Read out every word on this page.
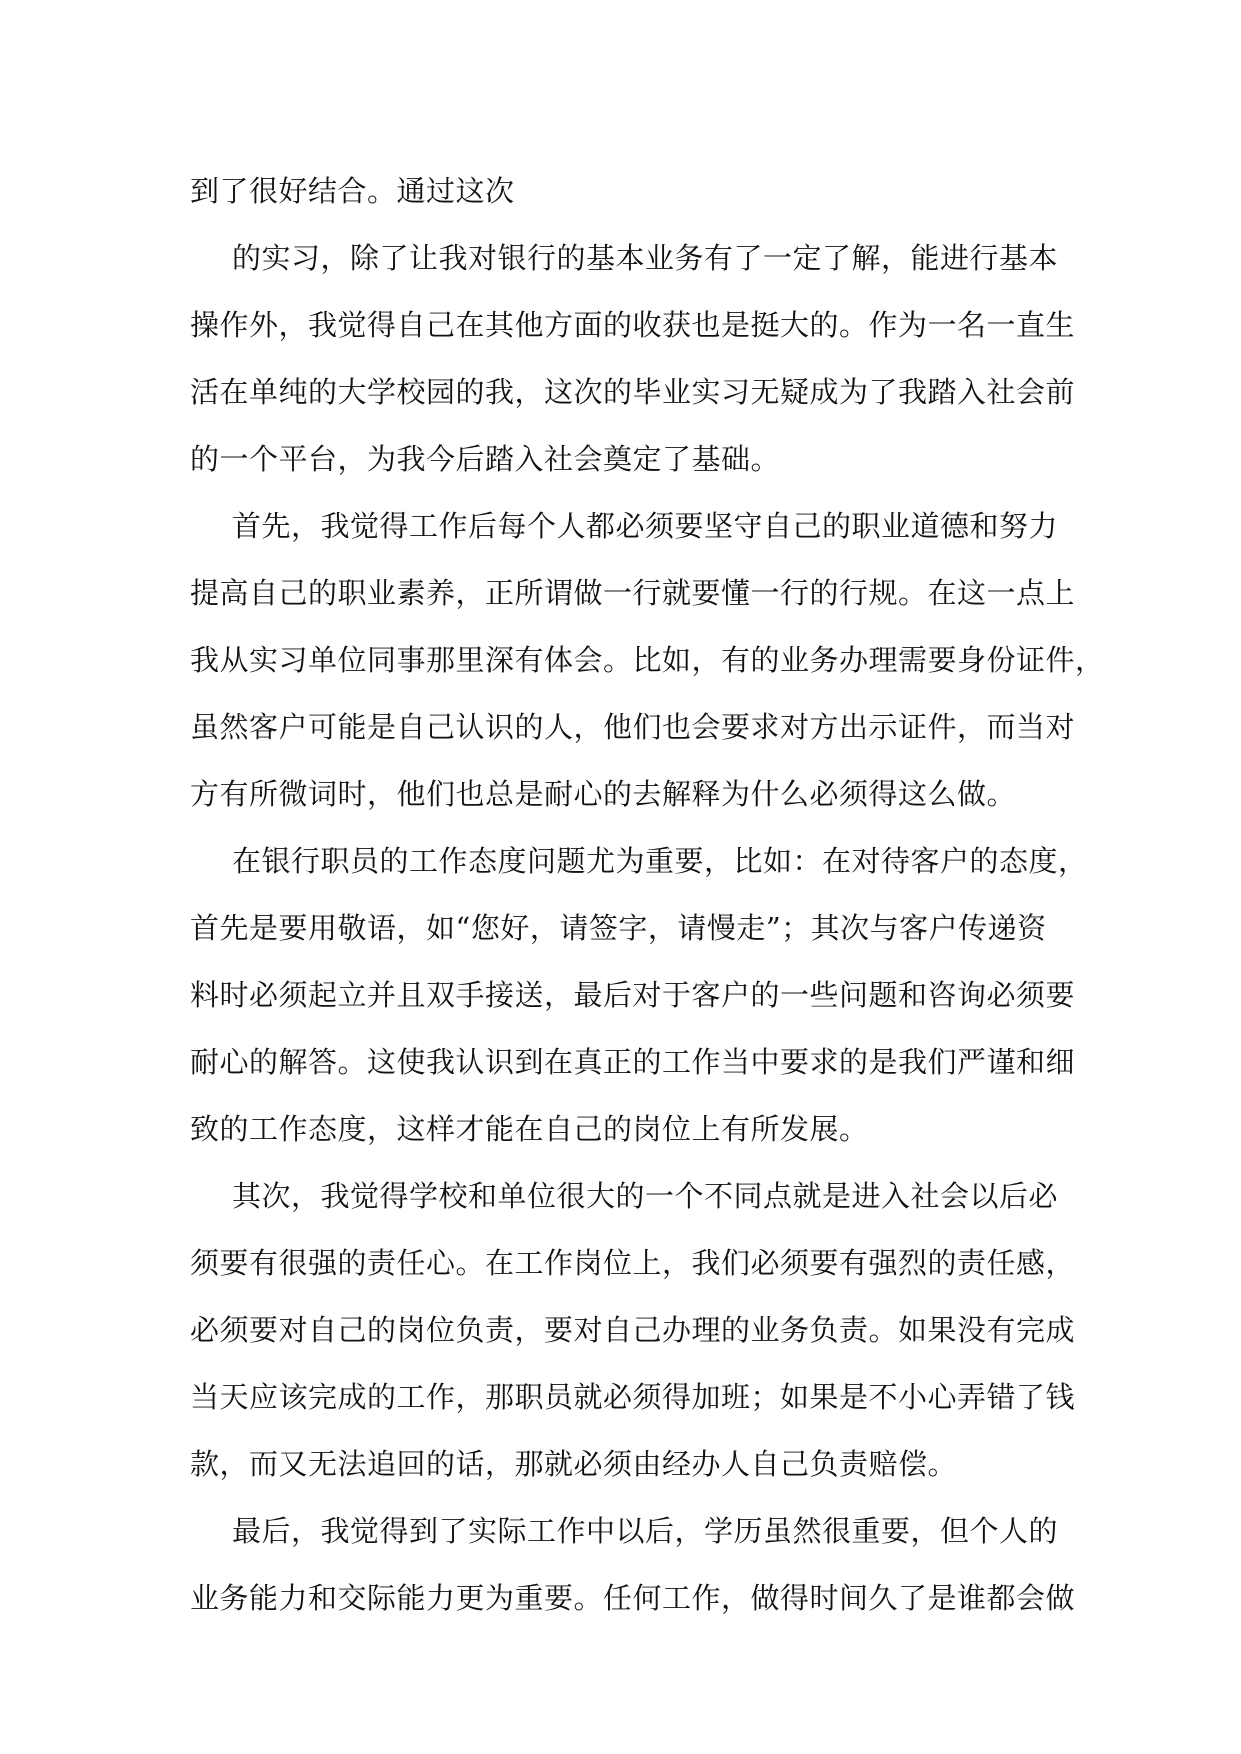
到了很好结合。通过这次
的实习，除了让我对银行的基本业务有了一定了解，能进行基本
操作外，我觉得自己在其他方面的收获也是挺大的。作为一名一直生
活在单纯的大学校园的我，这次的毕业实习无疑成为了我踏入社会前
的一个平台，为我今后踏入社会奠定了基础。
首先，我觉得工作后每个人都必须要坚守自己的职业道德和努力
提高自己的职业素养，正所谓做一行就要懂一行的行规。在这一点上
我从实习单位同事那里深有体会。比如，有的业务办理需要身份证件，
虽然客户可能是自己认识的人，他们也会要求对方出示证件，而当对
方有所微词时，他们也总是耐心的去解释为什么必须得这么做。
在银行职员的工作态度问题尤为重要，比如：在对待客户的态度，
首先是要用敬语，如“您好，请签字，请慢走”；其次与客户传递资
料时必须起立并且双手接送，最后对于客户的一些问题和咨询必须要
耐心的解答。这使我认识到在真正的工作当中要求的是我们严谨和细
致的工作态度，这样才能在自己的岗位上有所发展。
其次，我觉得学校和单位很大的一个不同点就是进入社会以后必
须要有很强的责任心。在工作岗位上，我们必须要有强烈的责任感，
必须要对自己的岗位负责，要对自己办理的业务负责。如果没有完成
当天应该完成的工作，那职员就必须得加班；如果是不小心弄错了钱
款，而又无法追回的话，那就必须由经办人自己负责赔偿。
最后，我觉得到了实际工作中以后，学历虽然很重要，但个人的
业务能力和交际能力更为重要。任何工作，做得时间久了是谁都会做
